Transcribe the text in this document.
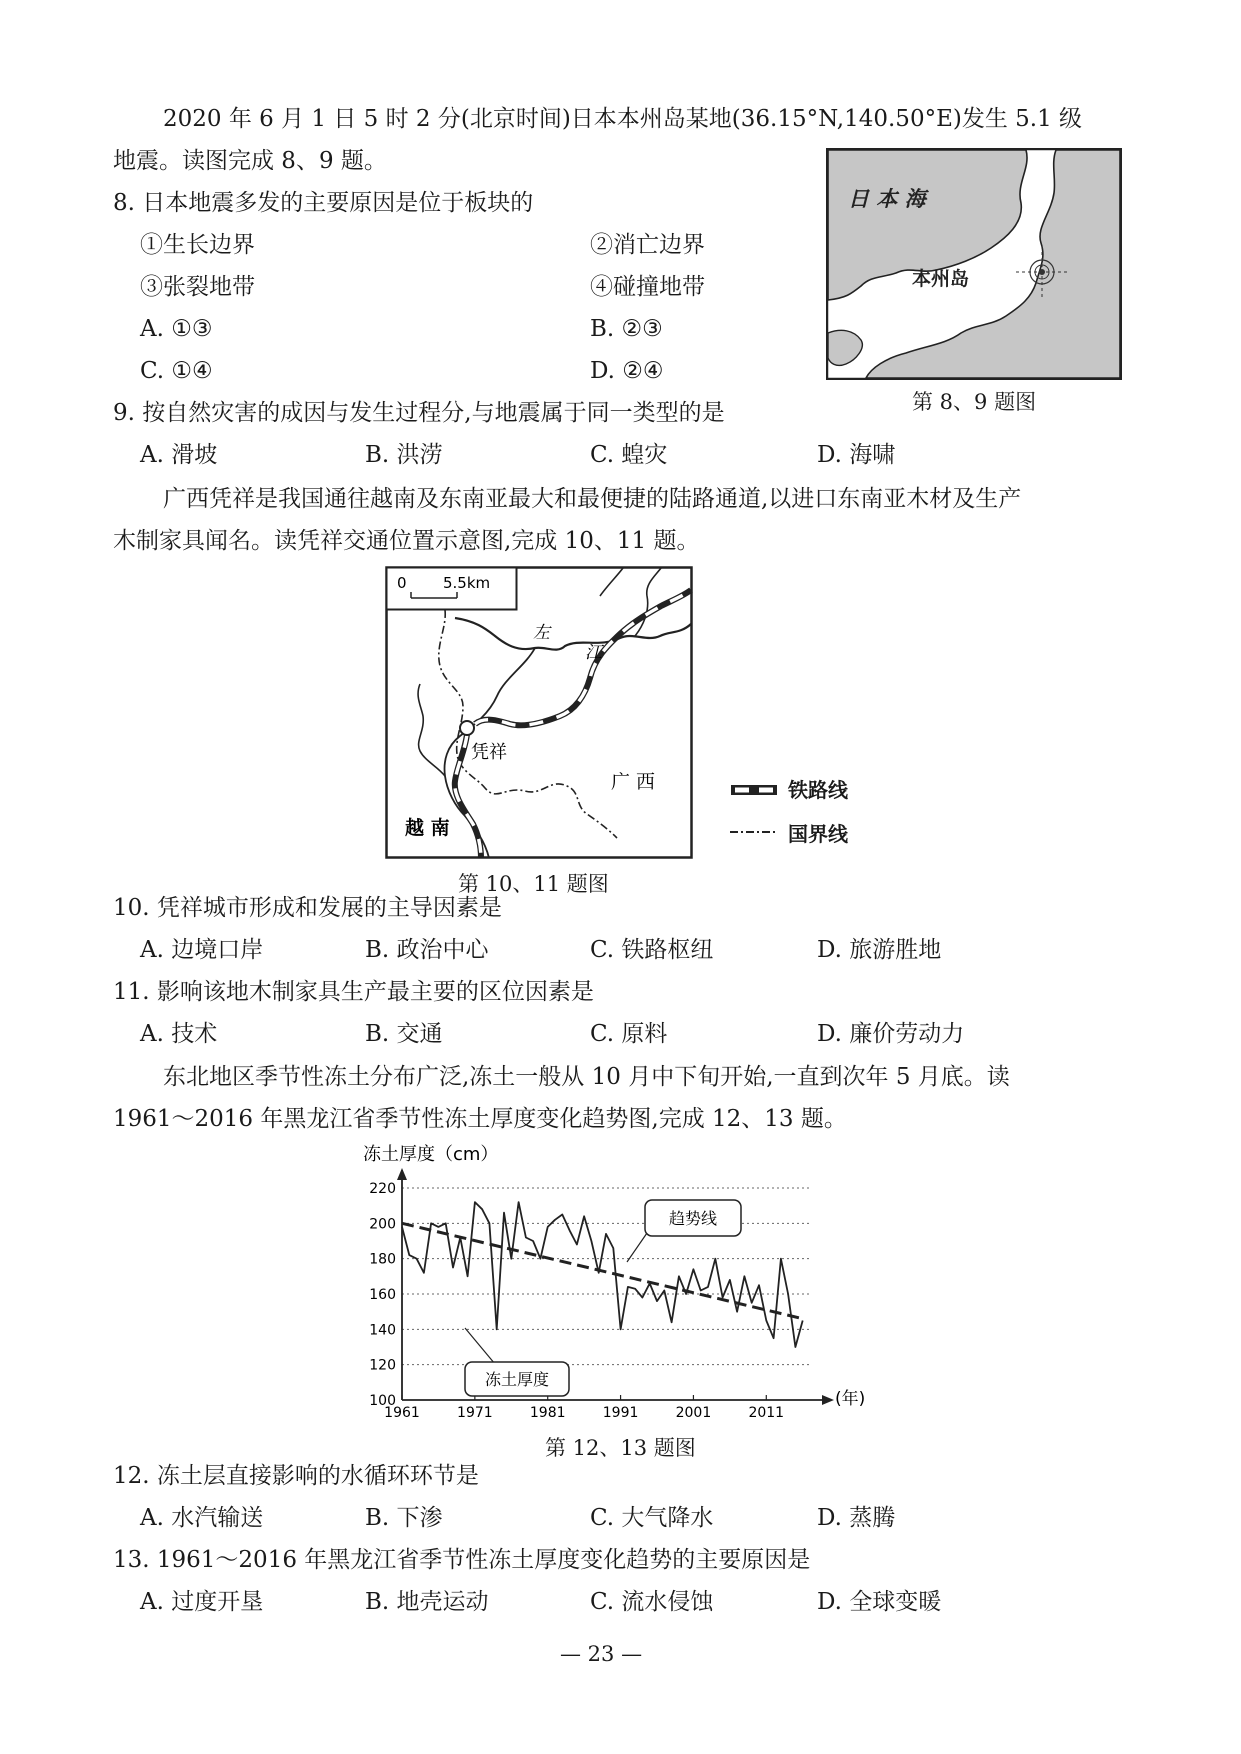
2020 年 6 月 1 日 5 时 2 分(北京时间)日本本州岛某地(36.15°N,140.50°E)发生 5.1 级
地震。读图完成 8、9 题。
8. 日本地震多发的主要原因是位于板块的
①生长边界	②消亡边界
③张裂地带	④碰撞地带
A. ①③	B. ②③
C. ①④	D. ②④
日 本 海
本州岛
第 8、9 题图
9. 按自然灾害的成因与发生过程分,与地震属于同一类型的是
A. 滑坡	B. 洪涝	C. 蝗灾	D. 海啸
广西凭祥是我国通往越南及东南亚最大和最便捷的陆路通道,以进口东南亚木材及生产
木制家具闻名。读凭祥交通位置示意图,完成 10、11 题。
0 5.5km
左
江
凭祥
广 西
越 南
第 10、11 题图
铁路线
国界线
10. 凭祥城市形成和发展的主导因素是
A. 边境口岸	B. 政治中心	C. 铁路枢纽	D. 旅游胜地
11. 影响该地木制家具生产最主要的区位因素是
A. 技术	B. 交通	C. 原料	D. 廉价劳动力
东北地区季节性冻土分布广泛,冻土一般从 10 月中下旬开始,一直到次年 5 月底。读
1961～2016 年黑龙江省季节性冻土厚度变化趋势图,完成 12、13 题。
冻土厚度（cm）
(年)
100
120
140
160
180
200
220
1961	1971	1981	1991	2001	2011
趋势线
冻土厚度
第 12、13 题图
12. 冻土层直接影响的水循环环节是
A. 水汽输送	B. 下渗	C. 大气降水	D. 蒸腾
13. 1961～2016 年黑龙江省季节性冻土厚度变化趋势的主要原因是
A. 过度开垦	B. 地壳运动	C. 流水侵蚀	D. 全球变暖
— 23 —
